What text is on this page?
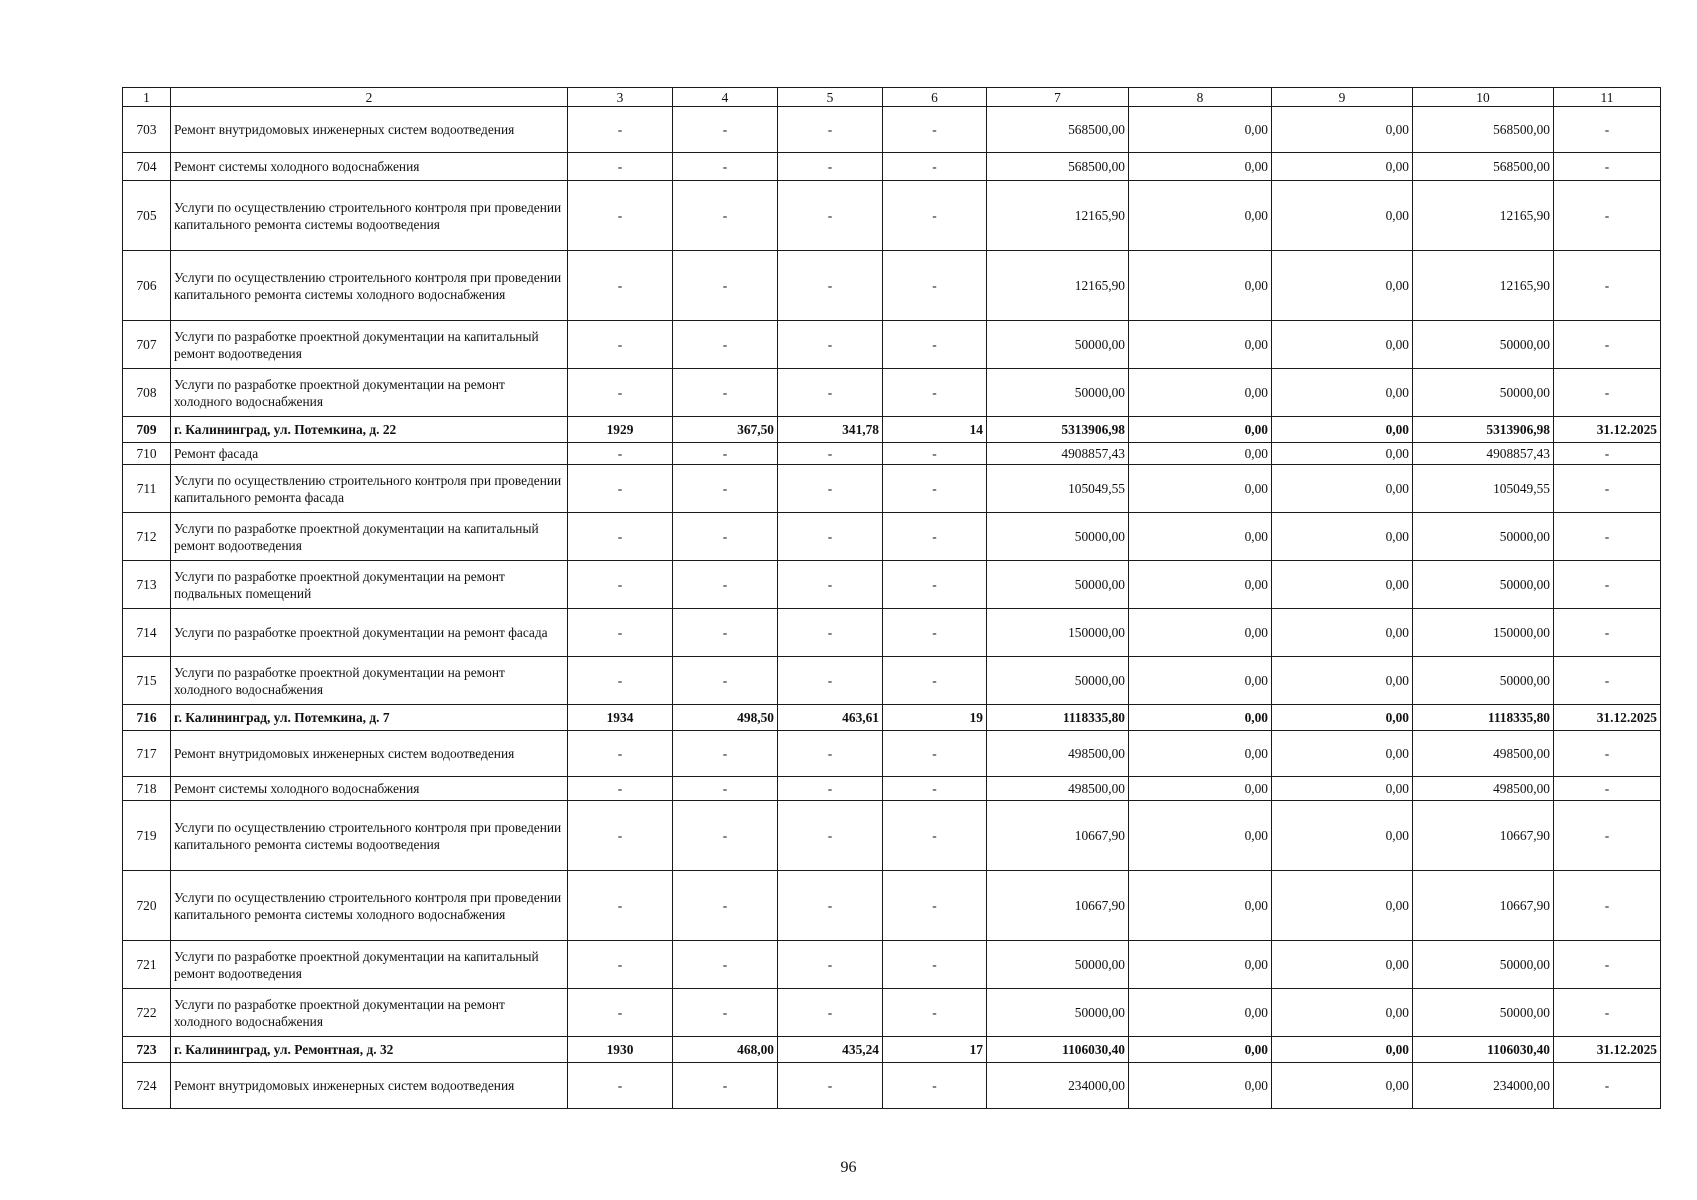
1	2	3	4	5	6	7	8	9	10	11
703	Ремонт внутридомовых инженерных систем водоотведения	-	-	-	-	568500,00	0,00	0,00	568500,00	-
704	Ремонт системы холодного водоснабжения	-	-	-	-	568500,00	0,00	0,00	568500,00	-
705	Услуги по осуществлению строительного контроля при проведении капитального ремонта системы водоотведения	-	-	-	-	12165,90	0,00	0,00	12165,90	-
706	Услуги по осуществлению строительного контроля при проведении капитального ремонта системы холодного водоснабжения	-	-	-	-	12165,90	0,00	0,00	12165,90	-
707	Услуги по разработке проектной документации на капитальный ремонт водоотведения	-	-	-	-	50000,00	0,00	0,00	50000,00	-
708	Услуги по разработке проектной документации на ремонт холодного водоснабжения	-	-	-	-	50000,00	0,00	0,00	50000,00	-
709	г. Калининград, ул. Потемкина, д. 22	1929	367,50	341,78	14	5313906,98	0,00	0,00	5313906,98	31.12.2025
710	Ремонт фасада	-	-	-	-	4908857,43	0,00	0,00	4908857,43	-
711	Услуги по осуществлению строительного контроля при проведении капитального ремонта фасада	-	-	-	-	105049,55	0,00	0,00	105049,55	-
712	Услуги по разработке проектной документации на капитальный ремонт водоотведения	-	-	-	-	50000,00	0,00	0,00	50000,00	-
713	Услуги по разработке проектной документации на ремонт подвальных помещений	-	-	-	-	50000,00	0,00	0,00	50000,00	-
714	Услуги по разработке проектной документации на ремонт фасада	-	-	-	-	150000,00	0,00	0,00	150000,00	-
715	Услуги по разработке проектной документации на ремонт холодного водоснабжения	-	-	-	-	50000,00	0,00	0,00	50000,00	-
716	г. Калининград, ул. Потемкина, д. 7	1934	498,50	463,61	19	1118335,80	0,00	0,00	1118335,80	31.12.2025
717	Ремонт внутридомовых инженерных систем водоотведения	-	-	-	-	498500,00	0,00	0,00	498500,00	-
718	Ремонт системы холодного водоснабжения	-	-	-	-	498500,00	0,00	0,00	498500,00	-
719	Услуги по осуществлению строительного контроля при проведении капитального ремонта системы водоотведения	-	-	-	-	10667,90	0,00	0,00	10667,90	-
720	Услуги по осуществлению строительного контроля при проведении капитального ремонта системы холодного водоснабжения	-	-	-	-	10667,90	0,00	0,00	10667,90	-
721	Услуги по разработке проектной документации на капитальный ремонт водоотведения	-	-	-	-	50000,00	0,00	0,00	50000,00	-
722	Услуги по разработке проектной документации на ремонт холодного водоснабжения	-	-	-	-	50000,00	0,00	0,00	50000,00	-
723	г. Калининград, ул. Ремонтная, д. 32	1930	468,00	435,24	17	1106030,40	0,00	0,00	1106030,40	31.12.2025
724	Ремонт внутридомовых инженерных систем водоотведения	-	-	-	-	234000,00	0,00	0,00	234000,00	-
96
